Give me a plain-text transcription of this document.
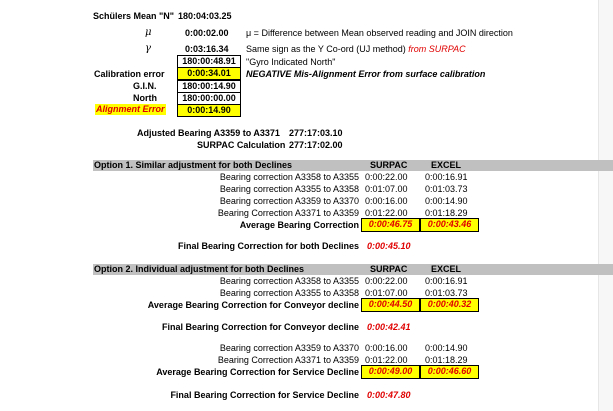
Schülers Mean "N" 180:04:03.25
μ	0:00:02.00 μ = Difference between Mean observed reading and JOIN direction
γ	0:03:16.34 Same sign as the Y Co-ord (UJ method) from SURPAC
180:00:48.91	"Gyro Indicated North"
Calibration error	0:00:34.01	NEGATIVE Mis-Alignment Error from surface calibration
G.I.N.	180:00:14.90
North	180:00:00.00
Alignment Error	0:00:14.90
Adjusted Bearing A3359 to A3371 277:17:03.10
SURPAC Calculation 277:17:02.00
Option 1. Similar adjustment for both Declines	SURPAC	EXCEL
Bearing correction A3358 to A3355 0:00:22.00 0:00:16.91
Bearing correction A3355 to A3358 0:01:07.00 0:01:03.73
Bearing correction A3359 to A3370 0:00:16.00 0:00:14.90
Bearing Correction A3371 to A3359 0:01:22.00 0:01:18.29
Average Bearing Correction	0:00:46.75	0:00:43.46
Final Bearing Correction for both Declines 0:00:45.10
Option 2. Individual adjustment for both Declines	SURPAC	EXCEL
Bearing correction A3358 to A3355 0:00:22.00 0:00:16.91
Bearing correction A3355 to A3358 0:01:07.00 0:01:03.73
Average Bearing Correction for Conveyor decline	0:00:44.50	0:00:40.32
Final Bearing Correction for Conveyor decline 0:00:42.41
Bearing correction A3359 to A3370 0:00:16.00 0:00:14.90
Bearing Correction A3371 to A3359 0:01:22.00 0:01:18.29
Average Bearing Correction for Service Decline	0:00:49.00	0:00:46.60
Final Bearing Correction for Service Decline 0:00:47.80
